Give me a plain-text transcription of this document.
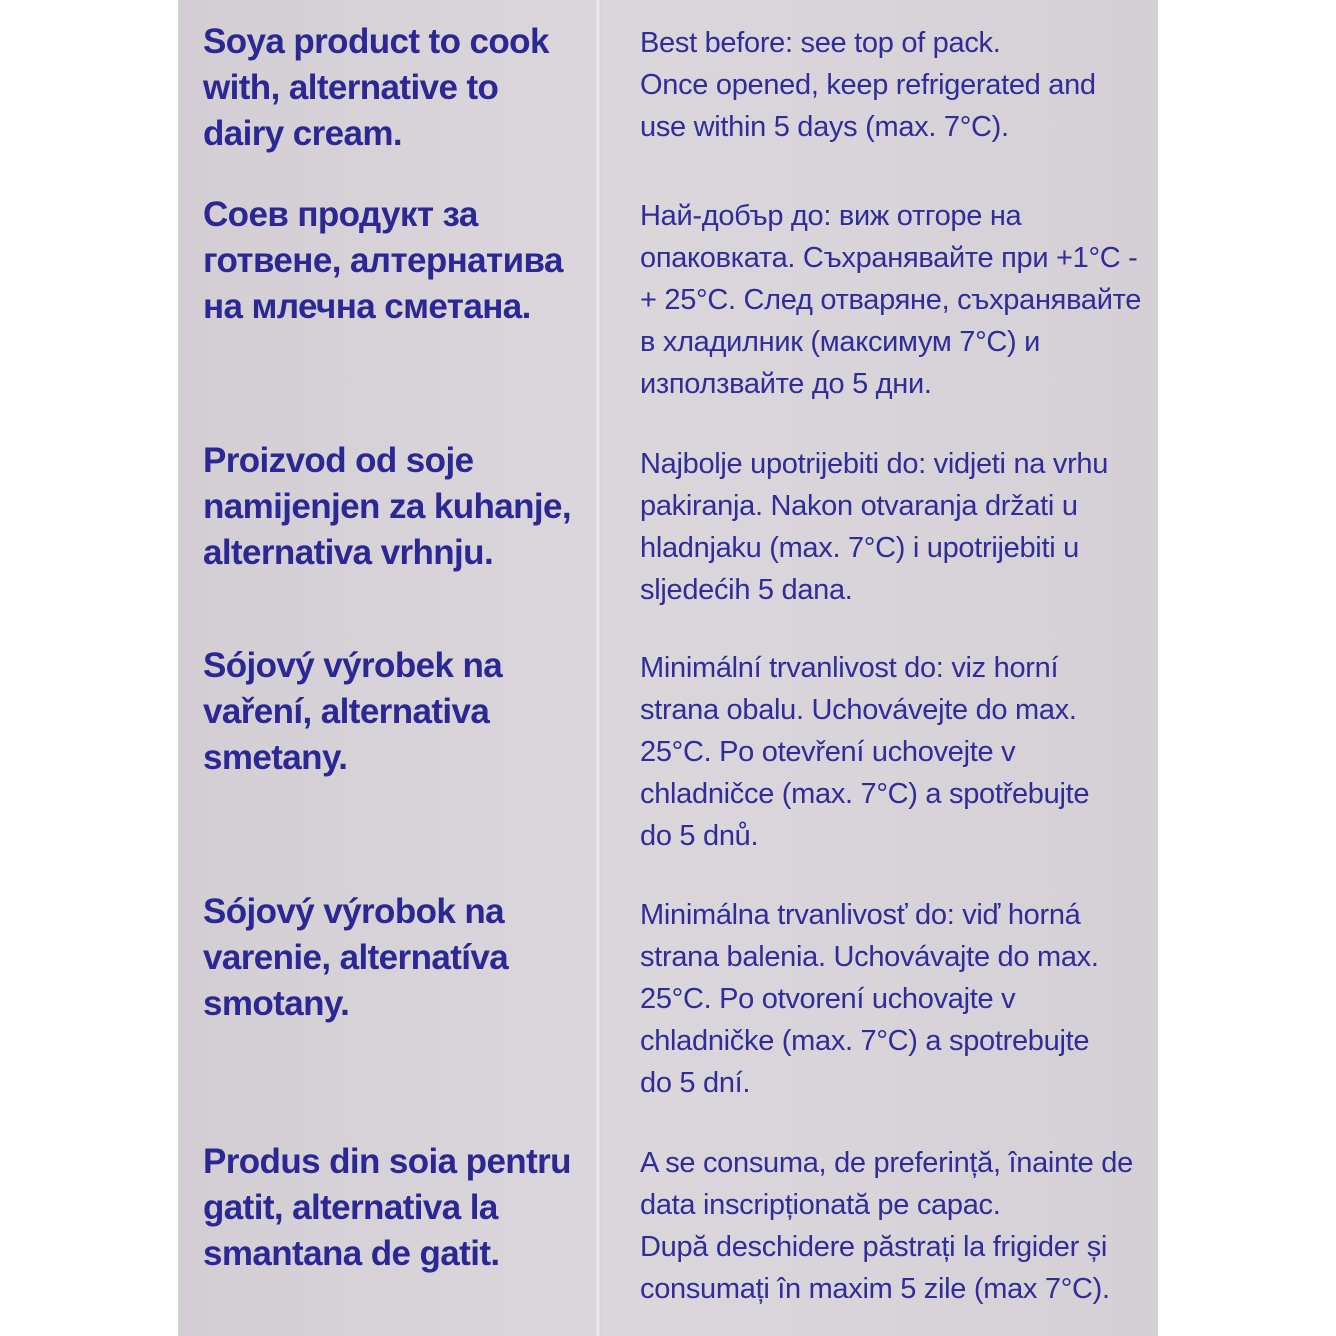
Soya product to cook
with, alternative to
dairy cream.
Соев продукт за
готвене, алтернатива
на млечна сметана.
Proizvod od soje
namijenjen za kuhanje,
alternativa vrhnju.
Sójový výrobek na
vaření, alternativa
smetany.
Sójový výrobok na
varenie, alternatíva
smotany.
Produs din soia pentru
gatit, alternativa la
smantana de gatit.
Best before: see top of pack.
Once opened, keep refrigerated and
use within 5 days (max. 7°C).
Най-добър до: виж отгоре на
опаковката. Съхранявайте при +1°C -
+ 25°C. След отваряне, съхранявайте
в хладилник (максимум 7°C) и
използвайте до 5 дни.
Najbolje upotrijebiti do: vidjeti na vrhu
pakiranja. Nakon otvaranja držati u
hladnjaku (max. 7°C) i upotrijebiti u
sljedećih 5 dana.
Minimální trvanlivost do: viz horní
strana obalu. Uchovávejte do max.
25°C. Po otevření uchovejte v
chladničce (max. 7°C) a spotřebujte
do 5 dnů.
Minimálna trvanlivosť do: viď horná
strana balenia. Uchovávajte do max.
25°C. Po otvorení uchovajte v
chladničke (max. 7°C) a spotrebujte
do 5 dní.
A se consuma, de preferință, înainte de
data inscripționată pe capac.
După deschidere păstrați la frigider și
consumați în maxim 5 zile (max 7°C).
